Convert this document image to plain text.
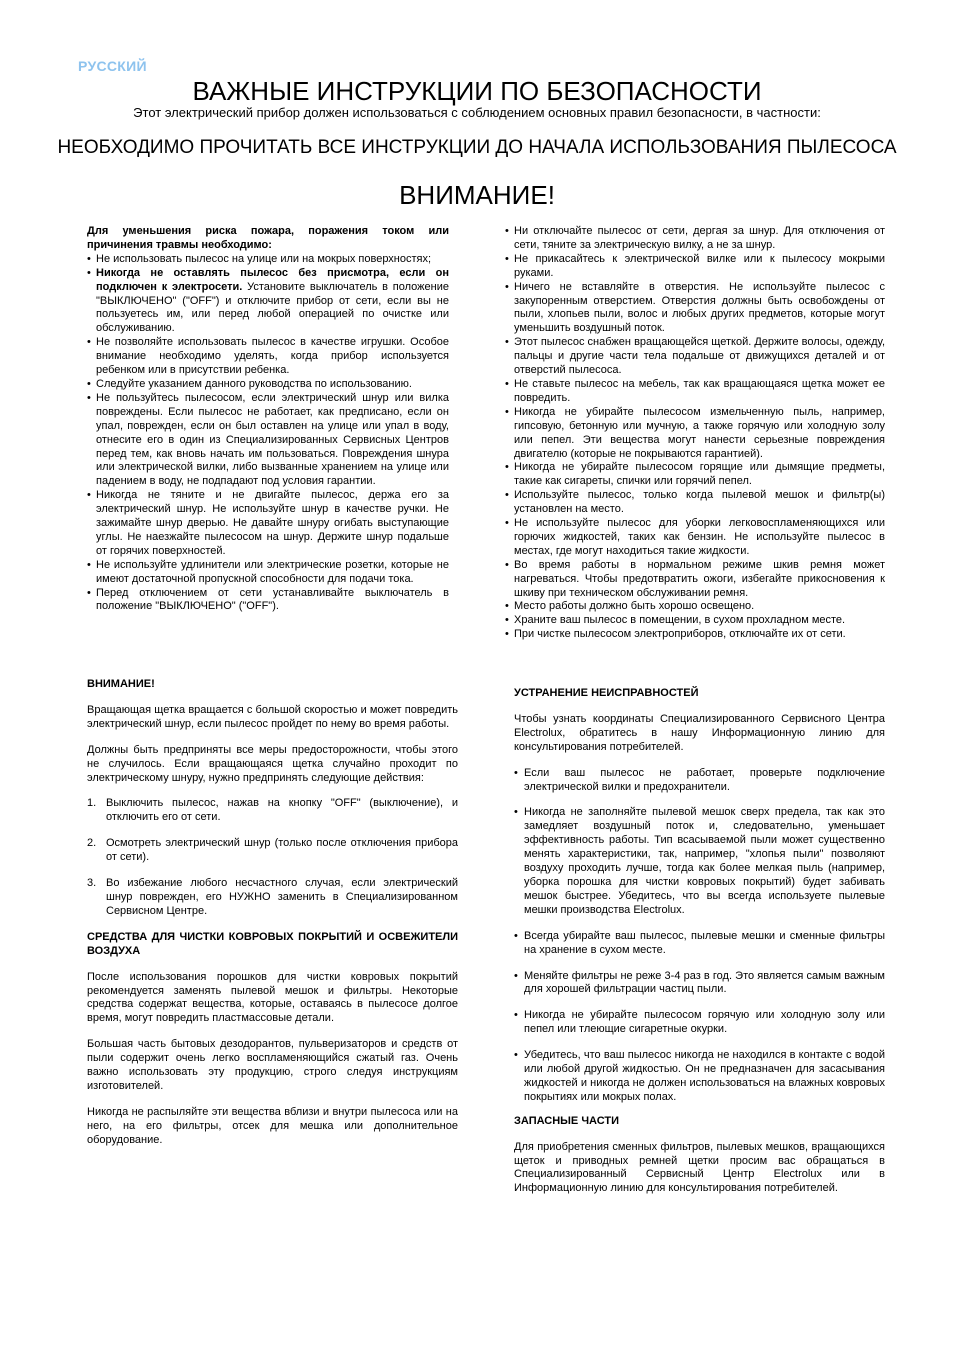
РУССКИЙ
ВАЖНЫЕ ИНСТРУКЦИИ ПО БЕЗОПАСНОСТИ
Этот электрический прибор должен использоваться с соблюдением основных правил безопасности, в частности:
НЕОБХОДИМО ПРОЧИТАТЬ ВСЕ ИНСТРУКЦИИ ДО НАЧАЛА ИСПОЛЬЗОВАНИЯ ПЫЛЕСОСА
ВНИМАНИЕ!

Для уменьшения риска пожара, поражения током или причинения травмы необходимо:

• Не использовать пылесос на улице или на мокрых поверхностях;
• Никогда не оставлять пылесос без присмотра, если он подключен к электросети. Установите выключатель в положение "ВЫКЛЮЧЕНО" ("OFF") и отключите прибор от сети, если вы не пользуетесь им, или перед любой операцией по очистке или обслуживанию.
• Не позволяйте использовать пылесос в качестве игрушки. Особое внимание необходимо уделять, когда прибор используется ребенком или в присутствии ребенка.
• Следуйте указанием данного руководства по использованию.
• Не пользуйтесь пылесосом, если электрический шнур или вилка повреждены. Если пылесос не работает, как предписано, если он упал, поврежден, если он был оставлен на улице или упал в воду, отнесите его в один из Специализированных Сервисных Центров перед тем, как вновь начать им пользоваться. Повреждения шнура или электрической вилки, либо вызванные хранением на улице или падением в воду, не подпадают под условия гарантии.
• Никогда не тяните и не двигайте пылесос, держа его за электрический шнур. Не используйте шнур в качестве ручки. Не зажимайте шнур дверью. Не давайте шнуру огибать выступающие углы. Не наезжайте пылесосом на шнур. Держите шнур подальше от горячих поверхностей.
• Не используйте удлинители или электрические розетки, которые не имеют достаточной пропускной способности для подачи тока.
• Перед отключением от сети устанавливайте выключатель в положение "ВЫКЛЮЧЕНО" ("OFF").
• Ни отключайте пылесос от сети, дергая за шнур. Для отключения от сети, тяните за электрическую вилку, а не за шнур.
• Не прикасайтесь к электрической вилке или к пылесосу мокрыми руками.
• Ничего не вставляйте в отверстия. Не используйте пылесос с закупоренным отверстием. Отверстия должны быть освобождены от пыли, хлопьев пыли, волос и любых других предметов, которые могут уменьшить воздушный поток.
• Этот пылесос снабжен вращающейся щеткой. Держите волосы, одежду, пальцы и другие части тела подальше от движущихся деталей и от отверстий пылесоса.
• Не ставьте пылесос на мебель, так как вращающаяся щетка может ее повредить.
• Никогда не убирайте пылесосом измельченную пыль, например, гипсовую, бетонную или мучную, а также горячую или холодную золу или пепел. Эти вещества могут нанести серьезные повреждения двигателю (которые не покрываются гарантией).
• Никогда не убирайте пылесосом горящие или дымящие предметы, такие как сигареты, спички или горячий пепел.
• Используйте пылесос, только когда пылевой мешок и фильтр(ы) установлен на место.
• Не используйте пылесос для уборки легковоспламеняющихся или горючих жидкостей, таких как бензин. Не используйте пылесос в местах, где могут находиться такие жидкости.
• Во время работы в нормальном режиме шкив ремня может нагреваться. Чтобы предотвратить ожоги, избегайте прикосновения к шкиву при техническом обслуживании ремня.
• Место работы должно быть хорошо освещено.
• Храните ваш пылесос в помещении, в сухом прохладном месте.
• При чистке пылесосом электроприборов, отключайте их от сети.

ВНИМАНИЕ!

Вращающая щетка вращается с большой скоростью и может повредить электрический шнур, если пылесос пройдет по нему во время работы.

Должны быть предприняты все меры предосторожности, чтобы этого не случилось. Если вращающаяся щетка случайно проходит по электрическому шнуру, нужно предпринять следующие действия:

1. Выключить пылесос, нажав на кнопку "OFF" (выключение), и отключить его от сети.
2. Осмотреть электрический шнур (только после отключения прибора от сети).
3. Во избежание любого несчастного случая, если электрический шнур поврежден, его НУЖНО заменить в Специализированном Сервисном Центре.

СРЕДСТВА ДЛЯ ЧИСТКИ КОВРОВЫХ ПОКРЫТИЙ И ОСВЕЖИТЕЛИ ВОЗДУХА

После использования порошков для чистки ковровых покрытий рекомендуется заменять пылевой мешок и фильтры. Некоторые средства содержат вещества, которые, оставаясь в пылесосе долгое время, могут повредить пластмассовые детали.

Большая часть бытовых дезодорантов, пульверизаторов и средств от пыли содержит очень легко воспламеняющийся сжатый газ. Очень важно использовать эту продукцию, строго следуя инструкциям изготовителей.

Никогда не распыляйте эти вещества вблизи и внутри пылесоса или на него, на его фильтры, отсек для мешка или дополнительное оборудование.

УСТРАНЕНИЕ НЕИСПРАВНОСТЕЙ

Чтобы узнать координаты Специализированного Сервисного Центра Electrolux, обратитесь в нашу Информационную линию для консультирования потребителей.

• Если ваш пылесос не работает, проверьте подключение электрической вилки и предохранители.
• Никогда не заполняйте пылевой мешок сверх предела, так как это замедляет воздушный поток и, следовательно, уменьшает эффективность работы. Тип всасываемой пыли может существенно менять характеристики, так, например, "хлопья пыли" позволяют воздуху проходить лучше, тогда как более мелкая пыль (например, уборка порошка для чистки ковровых покрытий) будет забивать мешок быстрее. Убедитесь, что вы всегда используете пылевые мешки производства Electrolux.
• Всегда убирайте ваш пылесос, пылевые мешки и сменные фильтры на хранение в сухом месте.
• Меняйте фильтры не реже 3-4 раз в год. Это является самым важным для хорошей фильтрации частиц пыли.
• Никогда не убирайте пылесосом горячую или холодную золу или пепел или тлеющие сигаретные окурки.
• Убедитесь, что ваш пылесос никогда не находился в контакте с водой или любой другой жидкостью. Он не предназначен для засасывания жидкостей и никогда не должен использоваться на влажных ковровых покрытиях или мокрых полах.

ЗАПАСНЫЕ ЧАСТИ

Для приобретения сменных фильтров, пылевых мешков, вращающихся щеток и приводных ремней щетки просим вас обращаться в Специализированный Сервисный Центр Electrolux или в Информационную линию для консультирования потребителей.
